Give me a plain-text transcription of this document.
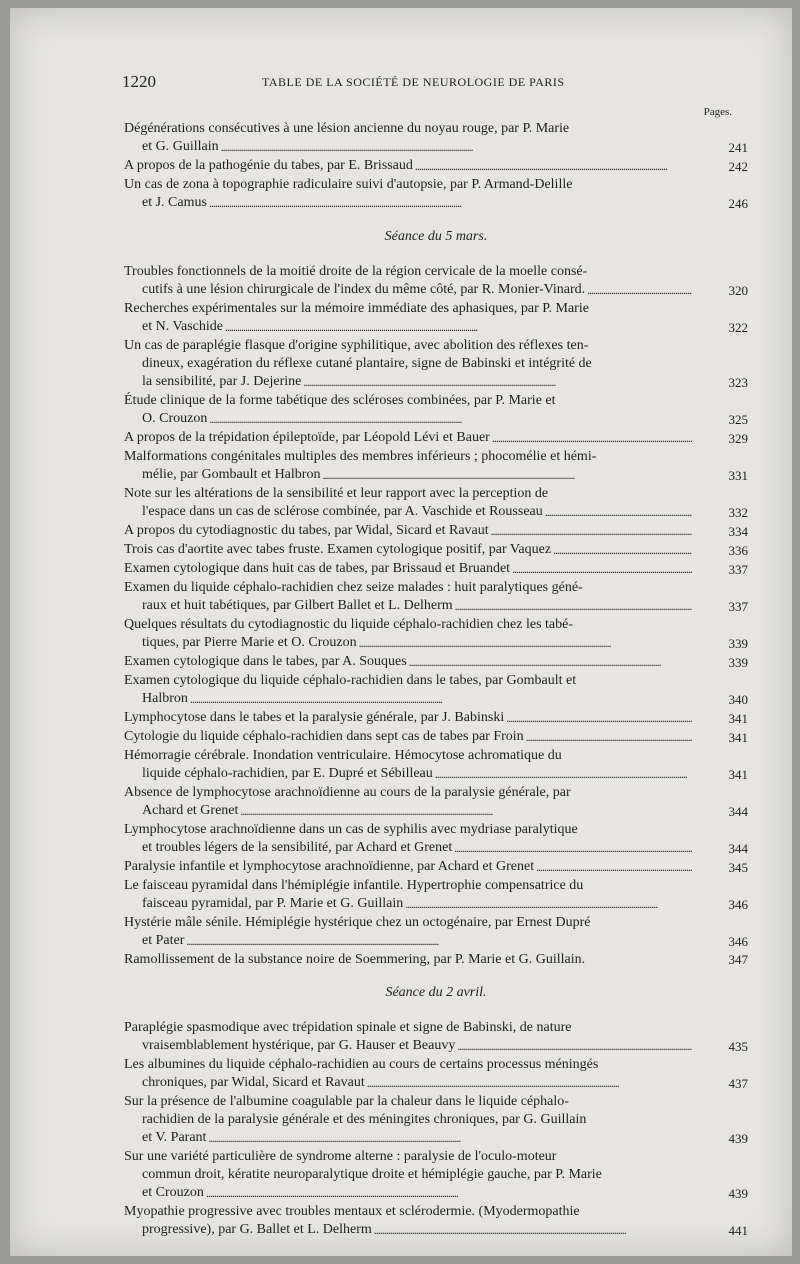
1220	TABLE DE LA SOCIÉTÉ DE NEUROLOGIE DE PARIS
Pages.
Dégénérations consécutives à une lésion ancienne du noyau rouge, par P. Marie
et G. Guillain . . .	241
A propos de la pathogénie du tabes, par E. Brissaud . . .	242
Un cas de zona à topographie radiculaire suivi d'autopsie, par P. Armand-Delille
et J. Camus . . .	246
Séance du 5 mars.
Troubles fonctionnels de la moitié droite de la région cervicale de la moelle consé-
cutifs à une lésion chirurgicale de l'index du même côté, par R. Monier-Vinard. . . .	320
Recherches expérimentales sur la mémoire immédiate des aphasiques, par P. Marie
et N. Vaschide . . .	322
Un cas de paraplégie flasque d'origine syphilitique, avec abolition des réflexes ten-
dineux, exagération du réflexe cutané plantaire, signe de Babinski et intégrité de
la sensibilité, par J. Dejerine . . .	323
Étude clinique de la forme tabétique des scléroses combinées, par P. Marie et
O. Crouzon . . .	325
A propos de la trépidation épileptoïde, par Léopold Lévi et Bauer . . .	329
Malformations congénitales multiples des membres inférieurs ; phocomélie et hémi-
mélie, par Gombault et Halbron . . .	331
Note sur les altérations de la sensibilité et leur rapport avec la perception de
l'espace dans un cas de sclérose combinée, par A. Vaschide et Rousseau . . .	332
A propos du cytodiagnostic du tabes, par Widal, Sicard et Ravaut . . .	334
Trois cas d'aortite avec tabes fruste. Examen cytologique positif, par Vaquez . . .	336
Examen cytologique dans huit cas de tabes, par Brissaud et Bruandet . . .	337
Examen du liquide céphalo-rachidien chez seize malades : huit paralytiques géné-
raux et huit tabétiques, par Gilbert Ballet et L. Delherm . . .	337
Quelques résultats du cytodiagnostic du liquide céphalo-rachidien chez les tabé-
tiques, par Pierre Marie et O. Crouzon . . .	339
Examen cytologique dans le tabes, par A. Souques . . .	339
Examen cytologique du liquide céphalo-rachidien dans le tabes, par Gombault et
Halbron . . .	340
Lymphocytose dans le tabes et la paralysie générale, par J. Babinski . . .	341
Cytologie du liquide céphalo-rachidien dans sept cas de tabes par Froin . . .	341
Hémorragie cérébrale. Inondation ventriculaire. Hémocytose achromatique du
liquide céphalo-rachidien, par E. Dupré et Sébilleau . . .	341
Absence de lymphocytose arachnoïdienne au cours de la paralysie générale, par
Achard et Grenet . . .	344
Lymphocytose arachnoïdienne dans un cas de syphilis avec mydriase paralytique
et troubles légers de la sensibilité, par Achard et Grenet . . .	344
Paralysie infantile et lymphocytose arachnoïdienne, par Achard et Grenet . . .	345
Le faisceau pyramidal dans l'hémiplégie infantile. Hypertrophie compensatrice du
faisceau pyramidal, par P. Marie et G. Guillain . . .	346
Hystérie mâle sénile. Hémiplégie hystérique chez un octogénaire, par Ernest Dupré
et Pater . . .	346
Ramollissement de la substance noire de Soemmering, par P. Marie et G. Guillain.	347
Séance du 2 avril.
Paraplégie spasmodique avec trépidation spinale et signe de Babinski, de nature
vraisemblablement hystérique, par G. Hauser et Beauvy . . .	435
Les albumines du liquide céphalo-rachidien au cours de certains processus méningés
chroniques, par Widal, Sicard et Ravaut . . .	437
Sur la présence de l'albumine coagulable par la chaleur dans le liquide céphalo-
rachidien de la paralysie générale et des méningites chroniques, par G. Guillain
et V. Parant . . .	439
Sur une variété particulière de syndrome alterne : paralysie de l'oculo-moteur
commun droit, kératite neuroparalytique droite et hémiplégie gauche, par P. Marie
et Crouzon . . .	439
Myopathie progressive avec troubles mentaux et sclérodermie. (Myodermopathie
progressive), par G. Ballet et L. Delherm . . .	441
